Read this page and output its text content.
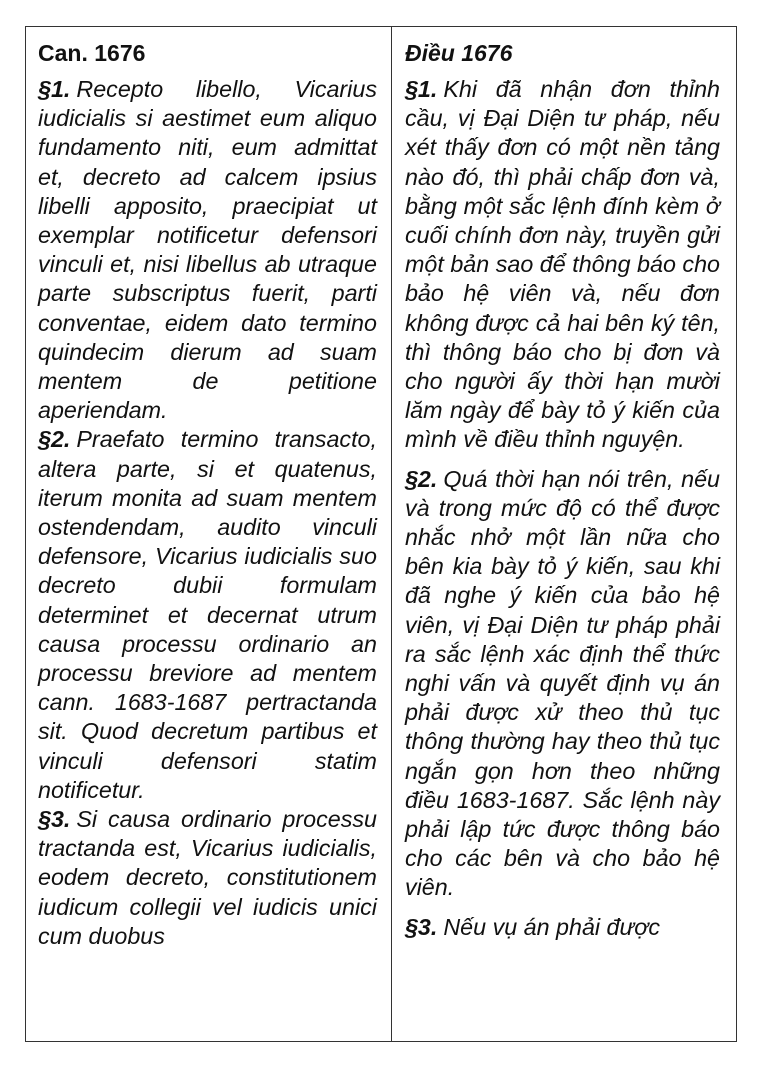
Can. 1676

§1. Recepto libello, Vicarius iudicialis si aestimet eum aliquo fundamento niti, eum admittat et, decreto ad calcem ipsius libelli apposito, praecipiat ut exemplar notificetur defensori vinculi et, nisi libellus ab utraque parte subscriptus fuerit, parti conventae, eidem dato termino quindecim dierum ad suam mentem de petitione aperiendam.

§2. Praefato termino transacto, altera parte, si et quatenus, iterum monita ad suam mentem ostendendam, audito vinculi defensore, Vicarius iudicialis suo decreto dubii formulam determinet et decernat utrum causa processu ordinario an processu breviore ad mentem cann. 1683-1687 pertractanda sit. Quod decretum partibus et vinculi defensori statim notificetur.

§3. Si causa ordinario processu tractanda est, Vicarius iudicialis, eodem decreto, constitutionem iudicum collegii vel iudicis unici cum duobus

Điều 1676

§1. Khi đã nhận đơn thỉnh cầu, vị Đại Diện tư pháp, nếu xét thấy đơn có một nền tảng nào đó, thì phải chấp đơn và, bằng một sắc lệnh đính kèm ở cuối chính đơn này, truyền gửi một bản sao để thông báo cho bảo hệ viên và, nếu đơn không được cả hai bên ký tên, thì thông báo cho bị đơn và cho người ấy thời hạn mười lăm ngày để bày tỏ ý kiến của mình về điều thỉnh nguyện.

§2. Quá thời hạn nói trên, nếu và trong mức độ có thể được nhắc nhở một lần nữa cho bên kia bày tỏ ý kiến, sau khi đã nghe ý kiến của bảo hệ viên, vị Đại Diện tư pháp phải ra sắc lệnh xác định thể thức nghi vấn và quyết định vụ án phải được xử theo thủ tục thông thường hay theo thủ tục ngắn gọn hơn theo những điều 1683-1687. Sắc lệnh này phải lập tức được thông báo cho các bên và cho bảo hệ viên.

§3. Nếu vụ án phải được
